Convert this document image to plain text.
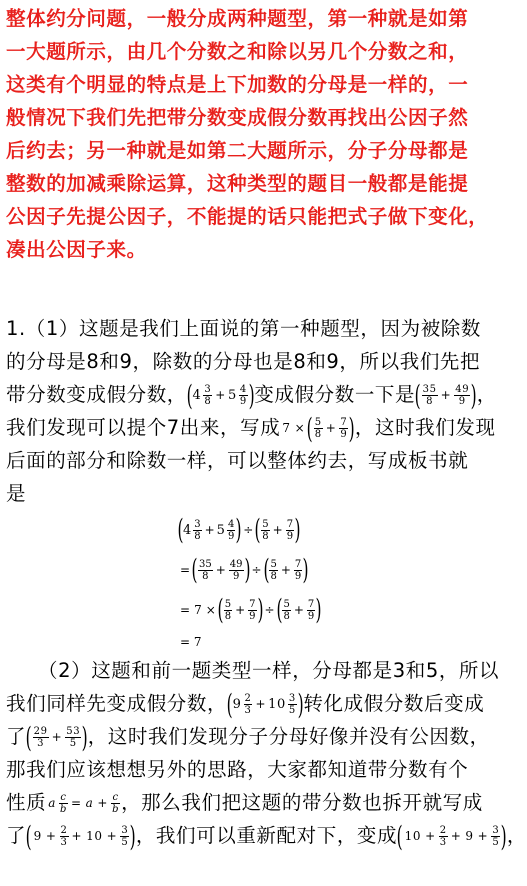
整体约分问题，一般分成两种题型，第一种就是如第
一大题所示，由几个分数之和除以另几个分数之和，
这类有个明显的特点是上下加数的分母是一样的，一
般情况下我们先把带分数变成假分数再找出公因子然
后约去；另一种就是如第二大题所示，分子分母都是
整数的加减乘除运算，这种类型的题目一般都是能提
公因子先提公因子，不能提的话只能把式子做下变化，
凑出公因子来。
1.（1）这题是我们上面说的第一种题型，因为被除数
的分母是8和9，除数的分母也是8和9，所以我们先把
带分数变成假分数， ( 4 3
8 + 5 4
9 ) 变成假分数一下是 ( 35
$8 + \frac{49}{9}$ ) ，
我们发现可以提个7出来，写成 7 × ( 5
$8 + \frac{7}{9}$ ) ，这时我们发现
后面的部分和除数一样，可以整体约去，写成板书就
是
( 4 3
8 + 5 4
9 ) ÷ ( 5
$8 + \frac{7}{9}$ )
= ( 35
$8 + \frac{49}{9}$ ) ÷ ( 5
$8 + \frac{7}{9}$ )
= 7 × ( 5
$8 + \frac{7}{9}$ ) ÷ ( 5
$8 + \frac{7}{9}$ )
= 7
（2）这题和前一题类型一样，分母都是3和5，所以
我们同样先变成假分数， ( 9 2
3 + 10 3
5 ) 转化成假分数后变成
了 ( 29
$3 + \frac{53}{5}$ ) ，这时我们发现分子分母好像并没有公因数，
那我们应该想想另外的思路，大家都知道带分数有个
性质 a $\frac{c}{b} = a + \frac{c}{b}$ ，那么我们把这题的带分数也拆开就写成
了 ( $9 + \frac{2}{3} + 10 + \frac{3}{5}$ ) ，我们可以重新配对下，变成 ( $10 + \frac{2}{3} + 9 + \frac{3}{5}$ ) ，
